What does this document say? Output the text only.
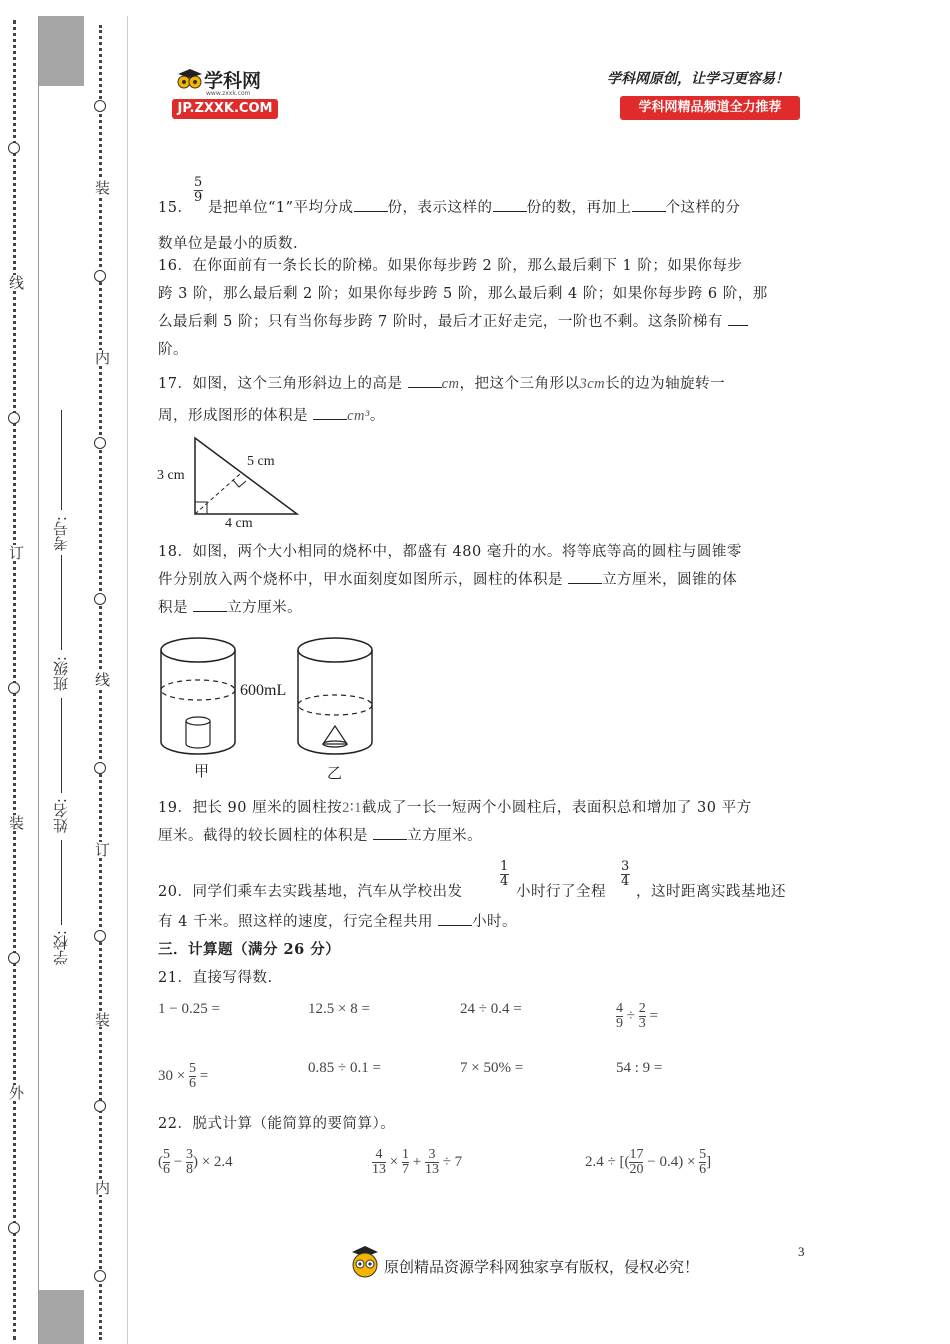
线
订
装
外
考号:
班级:
姓名:
学校:
装
内
线
订
装
内
学科网
www.zxxk.com
JP.ZXXK.COM
学科网原创，让学习更容易！
学科网精品频道全力推荐
15．
$\frac{5}{9}$
是把单位“1”平均分成 份，表示这样的 份的数，再加上 个这样的分
数单位是最小的质数.
16．在你面前有一条长长的阶梯。如果你每步跨 2 阶，那么最后剩下 1 阶；如果你每步
跨 3 阶，那么最后剩 2 阶；如果你每步跨 5 阶，那么最后剩 4 阶；如果你每步跨 6 阶，那
么最后剩 5 阶；只有当你每步跨 7 阶时，最后才正好走完，一阶也不剩。这条阶梯有
阶。
17．如图，这个三角形斜边上的高是	cm，把这个三角形以3cm长的边为轴旋转一
周，形成图形的体积是	cm³。
3 cm
5 cm
4 cm
18．如图，两个大小相同的烧杯中，都盛有 480 毫升的水。将等底等高的圆柱与圆锥零
件分别放入两个烧杯中，甲水面刻度如图所示，圆柱的体积是	立方厘米，圆锥的体
积是	立方厘米。
600mL
甲	乙
19．把长 90 厘米的圆柱按2∶1截成了一长一短两个小圆柱后，表面积总和增加了 30 平方
厘米。截得的较长圆柱的体积是	立方厘米。
20．同学们乘车去实践基地，汽车从学校出发
$\frac{1}{4}$
小时行了全程
$\frac{3}{4}$
，这时距离实践基地还
有 4 千米。照这样的速度，行完全程共用	小时。
三．计算题（满分 26 分）
21．直接写得数.
1 − 0.25 =	12.5 × 8 =	24 ÷ 0.4 =	$\frac{4}{9} \div \frac{2}{3}$ =
$30 \times \frac{5}{6}$ =	0.85 ÷ 0.1 =	7 × 50% =	54 : 9 =
22．脱式计算（能简算的要简算）。
( $\frac{5}{6} - \frac{3}{8}$ ) × 2.4	$\frac{4}{13} \times \frac{1}{7} + \frac{3}{13} \div 7$	2.4 ÷ [( $\frac{17}{20} - 0.4) \times \frac{5}{6}$ ]
原创精品资源学科网独家享有版权，侵权必究！
3
